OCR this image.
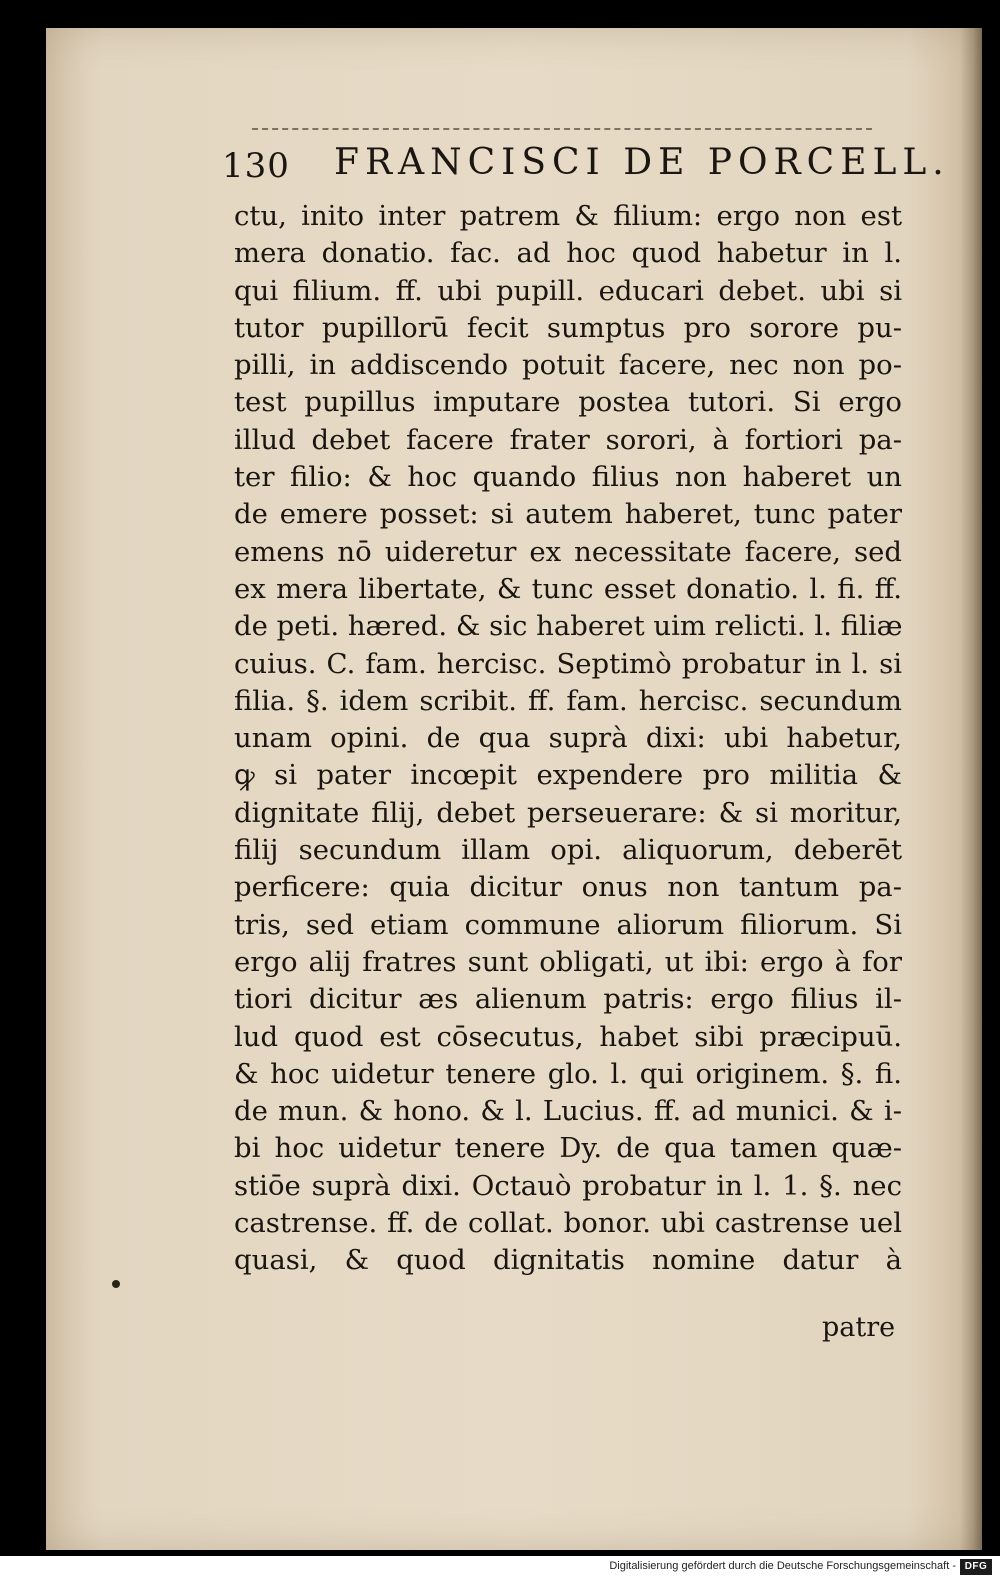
130 FRANCISCI DE PORCELL.
ctu, inito inter patrem & filium: ergo non est
mera donatio. fac. ad hoc quod habetur in l.
qui filium. ff. ubi pupill. educari debet. ubi si
tutor pupillorū fecit sumptus pro sorore pu-
pilli, in addiscendo potuit facere, nec non po-
test pupillus imputare postea tutori. Si ergo
illud debet facere frater sorori, à fortiori pa-
ter filio: & hoc quando filius non haberet un
de emere posset: si autem haberet, tunc pater
emens nō uideretur ex necessitate facere, sed
ex mera libertate, & tunc esset donatio. l. fi. ff.
de peti. hæred. & sic haberet uim relicti. l. filiæ
cuius. C. fam. hercisc. Septimò probatur in l. si
filia. §. idem scribit. ff. fam. hercisc. secundum
unam opini. de qua suprà dixi: ubi habetur,
ꝙ si pater incœpit expendere pro militia &
dignitate filij, debet perseuerare: & si moritur,
filij secundum illam opi. aliquorum, deberēt
perficere: quia dicitur onus non tantum pa-
tris, sed etiam commune aliorum filiorum. Si
ergo alij fratres sunt obligati, ut ibi: ergo à for
tiori dicitur æs alienum patris: ergo filius il-
lud quod est cōsecutus, habet sibi præcipuū.
& hoc uidetur tenere glo. l. qui originem. §. fi.
de mun. & hono. & l. Lucius. ff. ad munici. & i-
bi hoc uidetur tenere Dy. de qua tamen quæ-
stiōe suprà dixi. Octauò probatur in l. 1. §. nec
castrense. ff. de collat. bonor. ubi castrense uel
quasi, & quod dignitatis nomine datur à
patre
Digitalisierung gefördert durch die Deutsche Forschungsgemeinschaft - DFG
